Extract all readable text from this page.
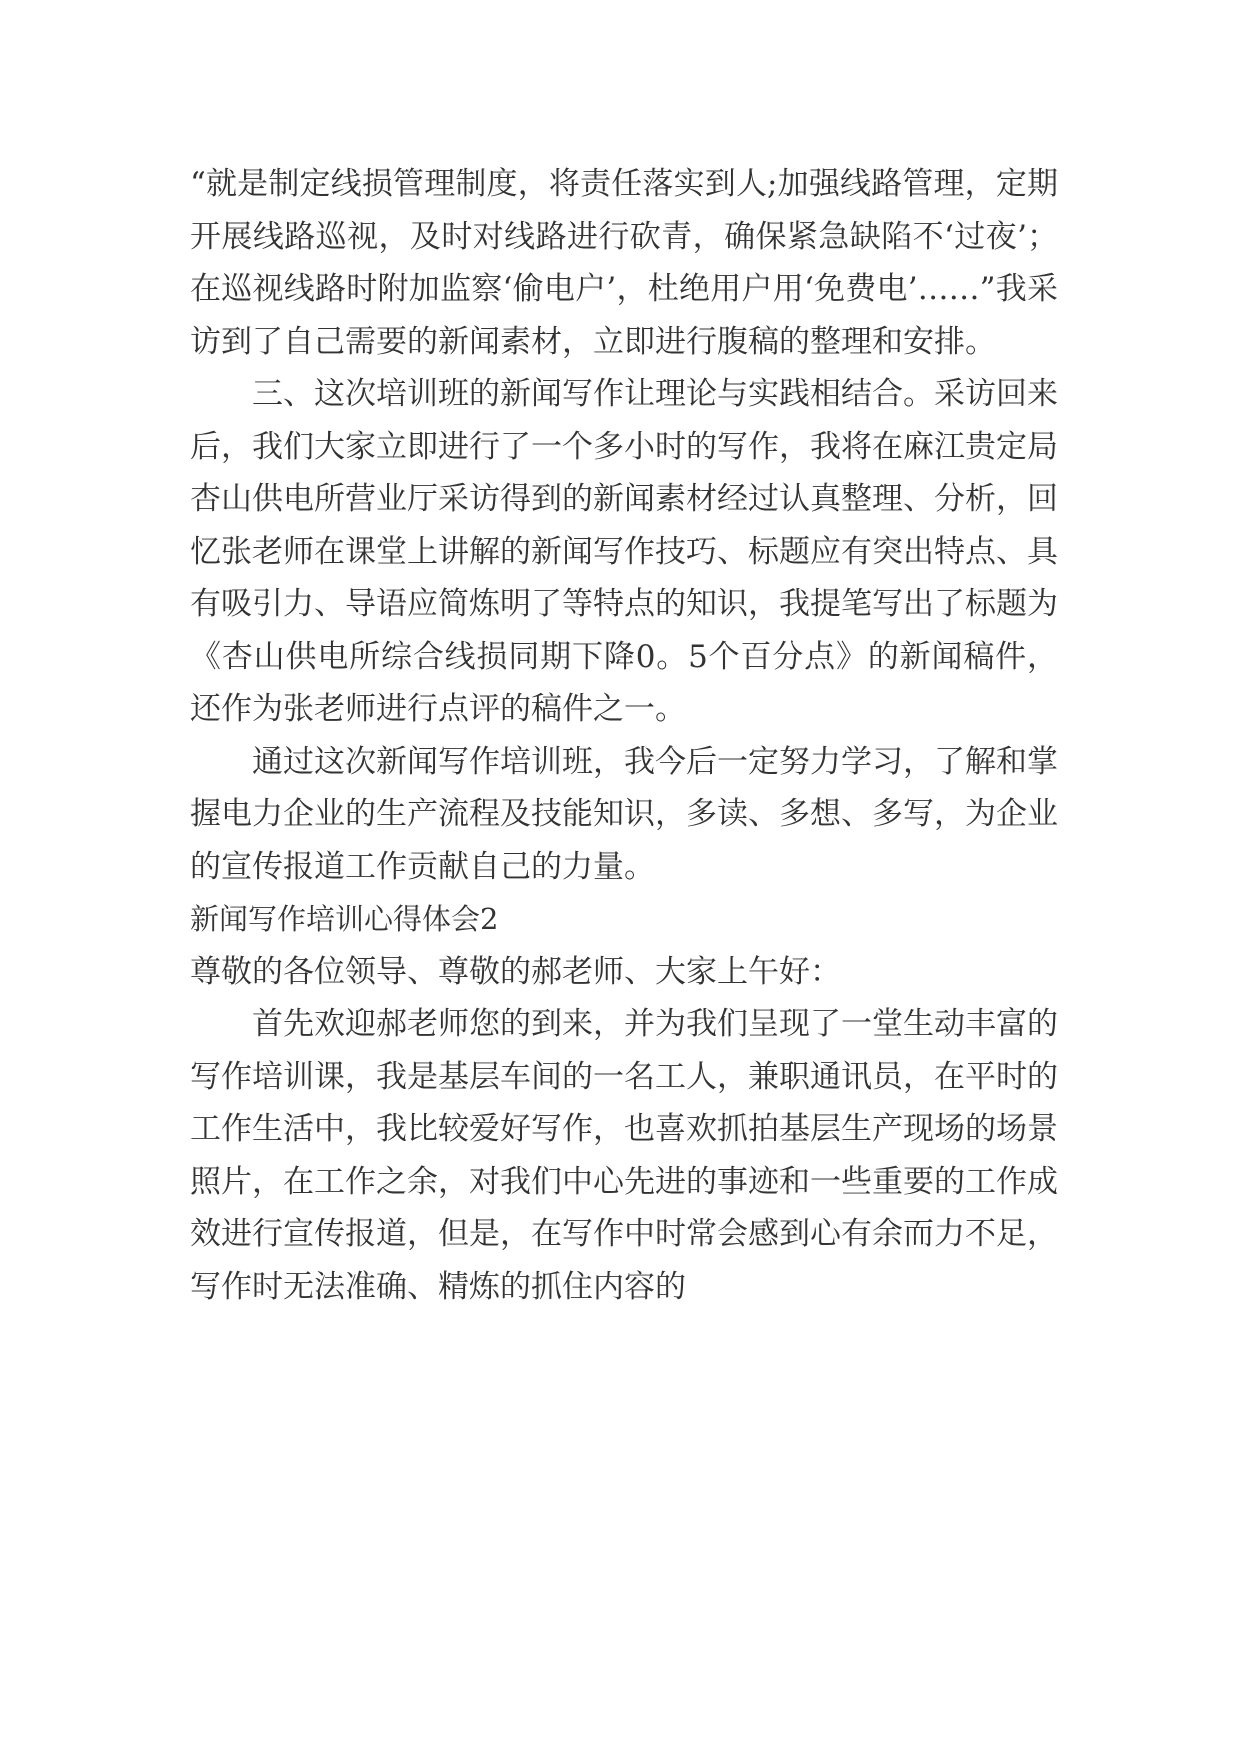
“就是制定线损管理制度，将责任落实到人;加强线路管理，定期开展线路巡视，及时对线路进行砍青，确保紧急缺陷不‘过夜’；在巡视线路时附加监察‘偷电户’，杜绝用户用‘免费电’……”我采访到了自己需要的新闻素材，立即进行腹稿的整理和安排。

三、这次培训班的新闻写作让理论与实践相结合。采访回来后，我们大家立即进行了一个多小时的写作，我将在麻江贵定局杏山供电所营业厅采访得到的新闻素材经过认真整理、分析，回忆张老师在课堂上讲解的新闻写作技巧、标题应有突出特点、具有吸引力、导语应简炼明了等特点的知识，我提笔写出了标题为《杏山供电所综合线损同期下降0。5个百分点》的新闻稿件，还作为张老师进行点评的稿件之一。

通过这次新闻写作培训班，我今后一定努力学习，了解和掌握电力企业的生产流程及技能知识，多读、多想、多写，为企业的宣传报道工作贡献自己的力量。

新闻写作培训心得体会2

尊敬的各位领导、尊敬的郝老师、大家上午好：

首先欢迎郝老师您的到来，并为我们呈现了一堂生动丰富的写作培训课，我是基层车间的一名工人，兼职通讯员，在平时的工作生活中，我比较爱好写作，也喜欢抓拍基层生产现场的场景照片，在工作之余，对我们中心先进的事迹和一些重要的工作成效进行宣传报道，但是，在写作中时常会感到心有余而力不足，写作时无法准确、精炼的抓住内容的
